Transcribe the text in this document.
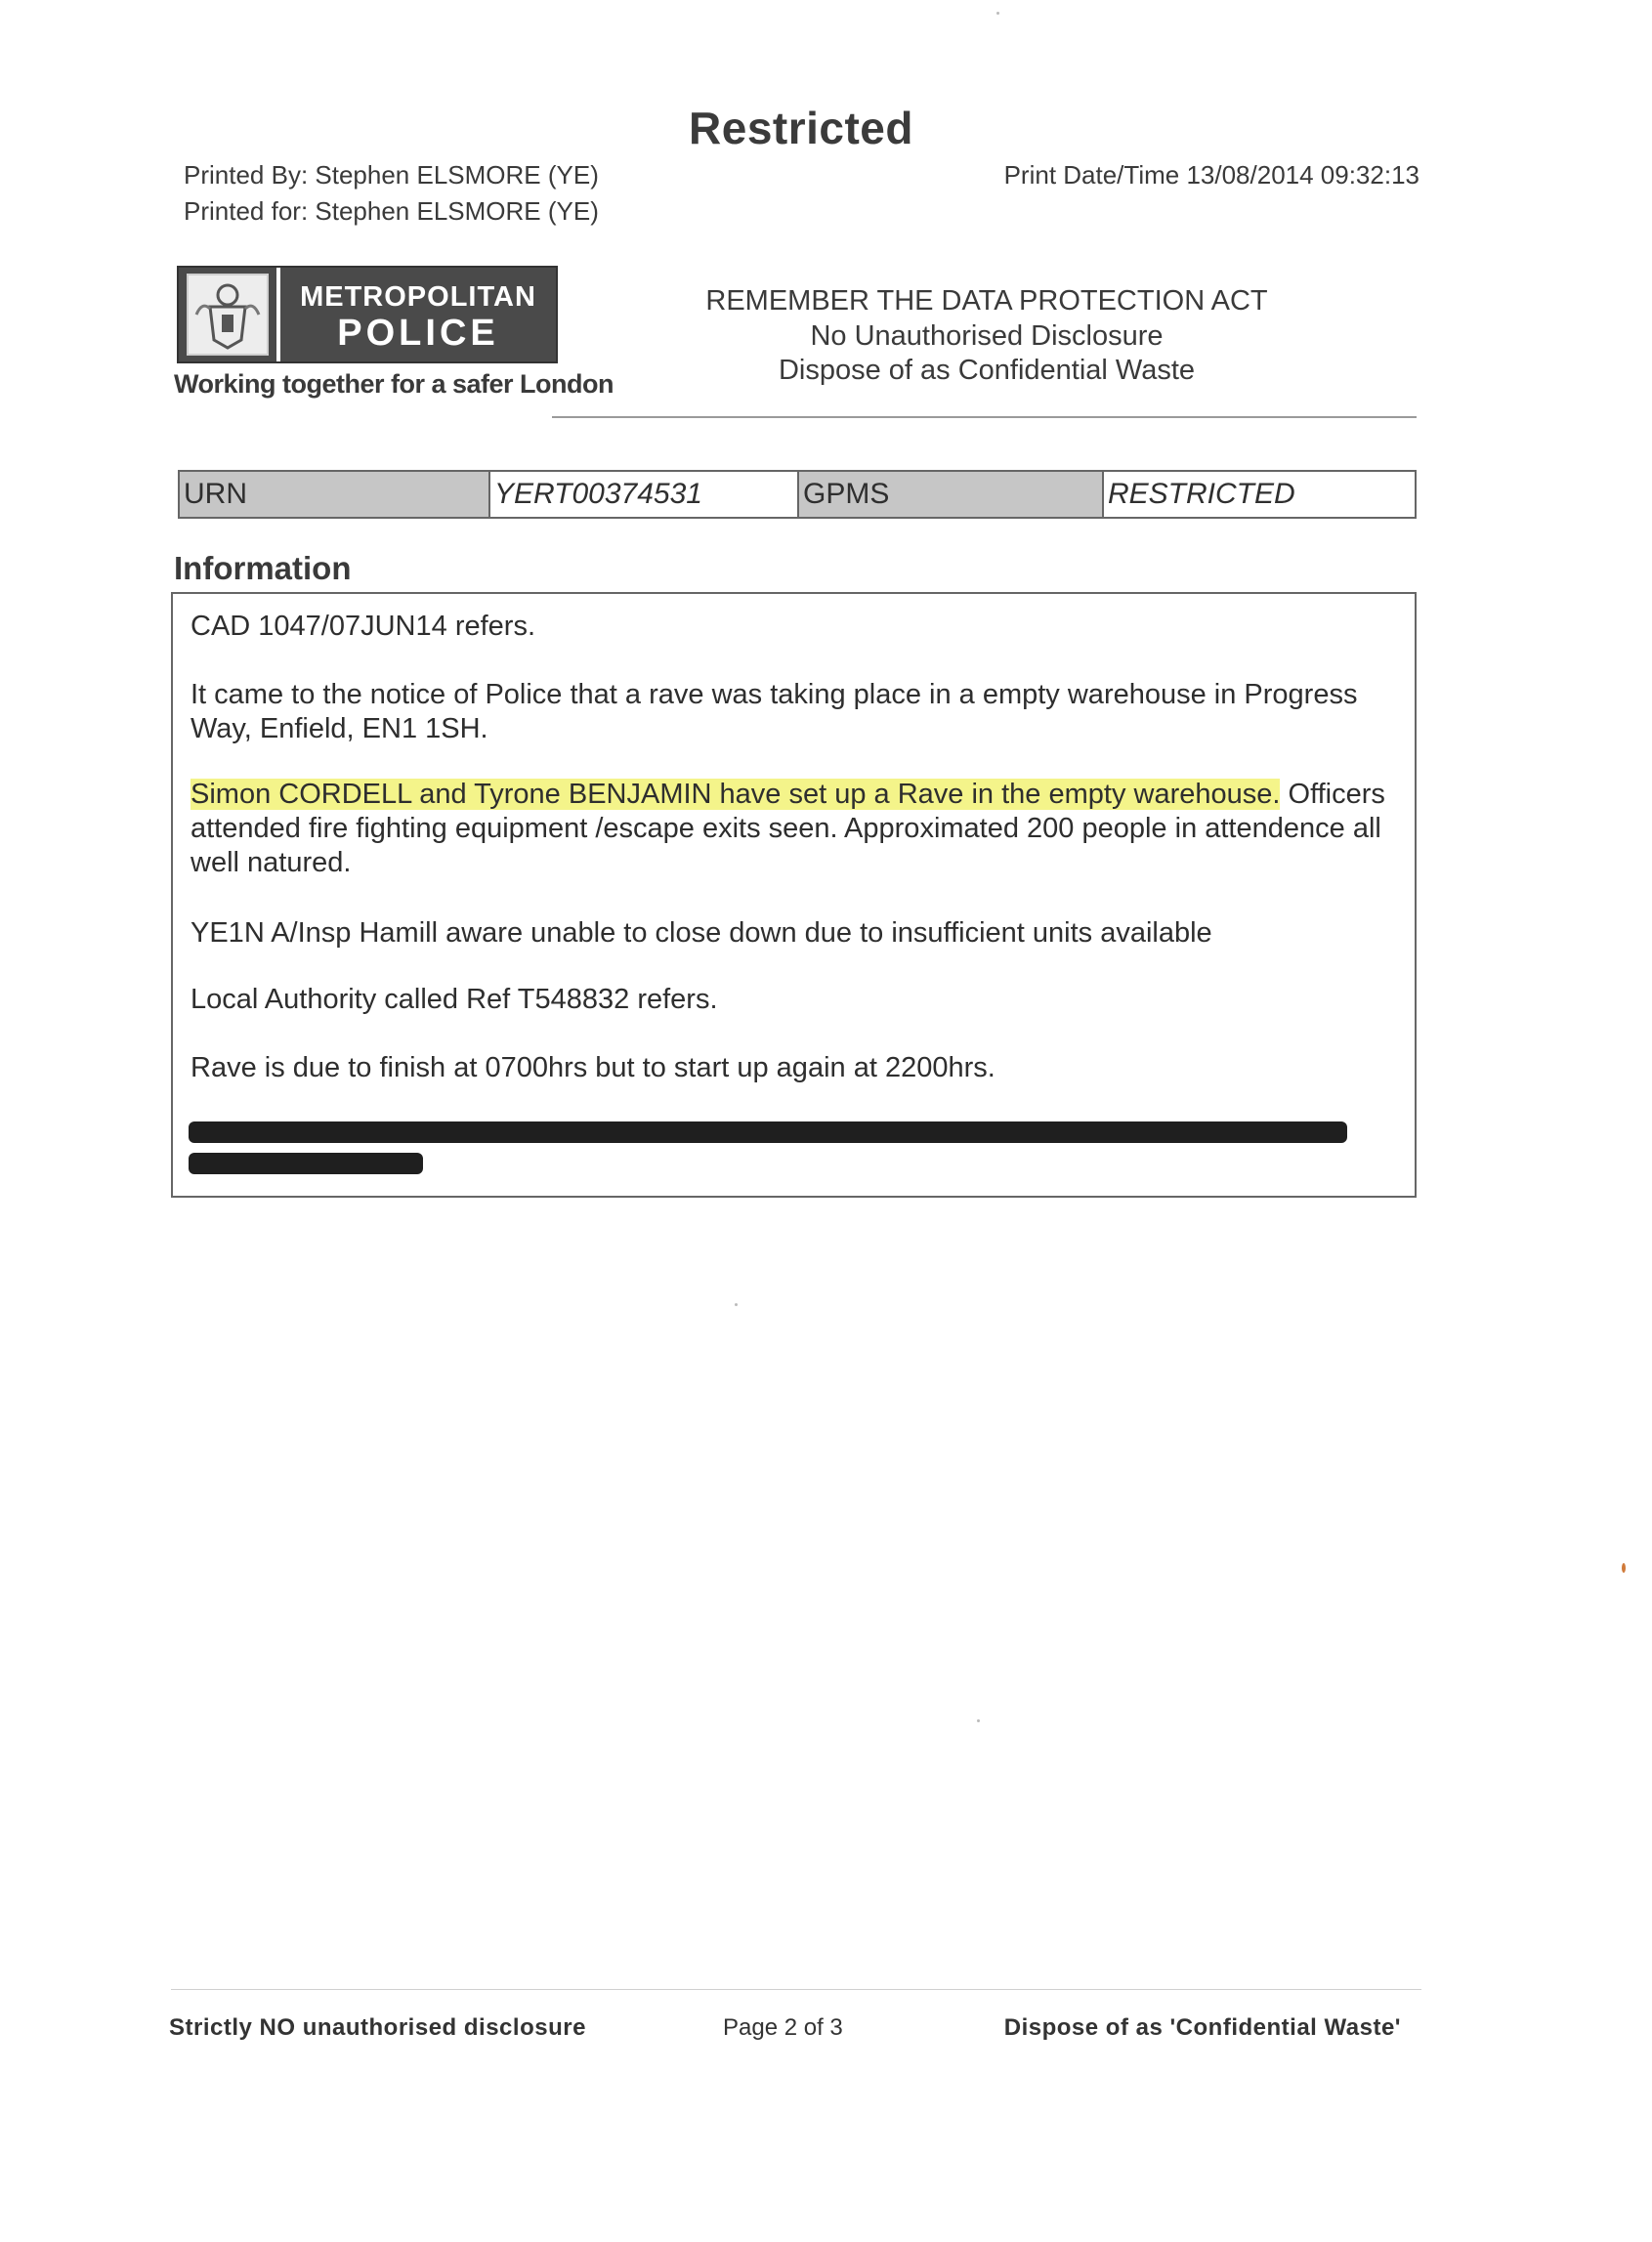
Restricted
Printed By: Stephen ELSMORE (YE)
Printed for: Stephen ELSMORE (YE)
Print Date/Time 13/08/2014 09:32:13
METROPOLITAN
POLICE
Working together for a safer London
REMEMBER THE DATA PROTECTION ACT
No Unauthorised Disclosure
Dispose of as Confidential Waste
URN	YERT00374531	GPMS	RESTRICTED
Information
CAD 1047/07JUN14 refers.
It came to the notice of Police that a rave was taking place in a empty warehouse in Progress Way, Enfield, EN1 1SH.
Simon CORDELL and Tyrone BENJAMIN have set up a Rave in the empty warehouse. Officers attended fire fighting equipment /escape exits seen. Approximated 200 people in attendence all well natured.
YE1N A/Insp Hamill aware unable to close down due to insufficient units available
Local Authority called Ref T548832 refers.
Rave is due to finish at 0700hrs but to start up again at 2200hrs.
Strictly NO unauthorised disclosure	Page 2 of 3	Dispose of as 'Confidential Waste'
